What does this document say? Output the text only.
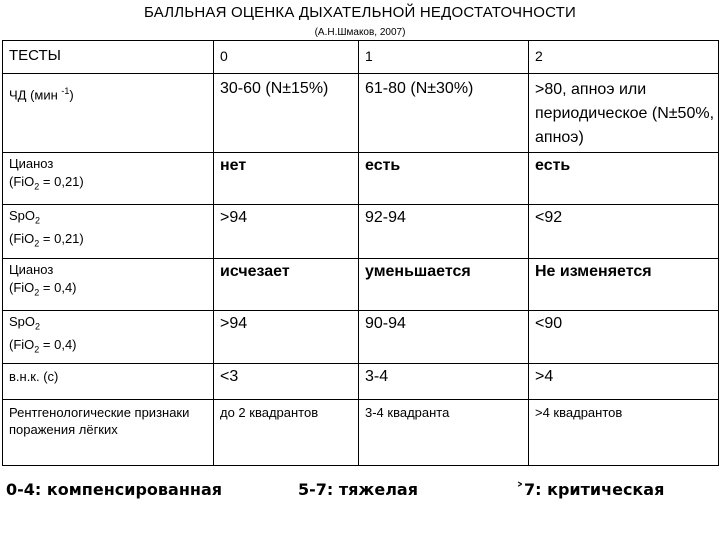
БАЛЛЬНАЯ ОЦЕНКА ДЫХАТЕЛЬНОЙ НЕДОСТАТОЧНОСТИ
(А.Н.Шмаков, 2007)
ТЕСТЫ	0	1	2
ЧД (мин $^{-1}$)	30-60 (N±15%)	61-80 (N±30%)	˃80, апноэ или периодическое (N±50%, апноэ)

Цианоз
(FiO$_2$ = 0,21)	нет	есть	есть

SpO$_2$
(FiO$_2$ = 0,21)	˃94	92-94	˂92

Цианоз
(FiO$_2$ = 0,4)	исчезает	уменьшается	Не изменяется

SpO$_2$
(FiO$_2$ = 0,4)	˃94	90-94	˂90
в.н.к. (с)	˂3	3-4	˃4
Рентгенологические признаки поражения лёгких	до 2 квадрантов	3-4 квадранта	˃4 квадрантов
0-4: компенсированная	5-7: тяжелая	˃7: критическая
